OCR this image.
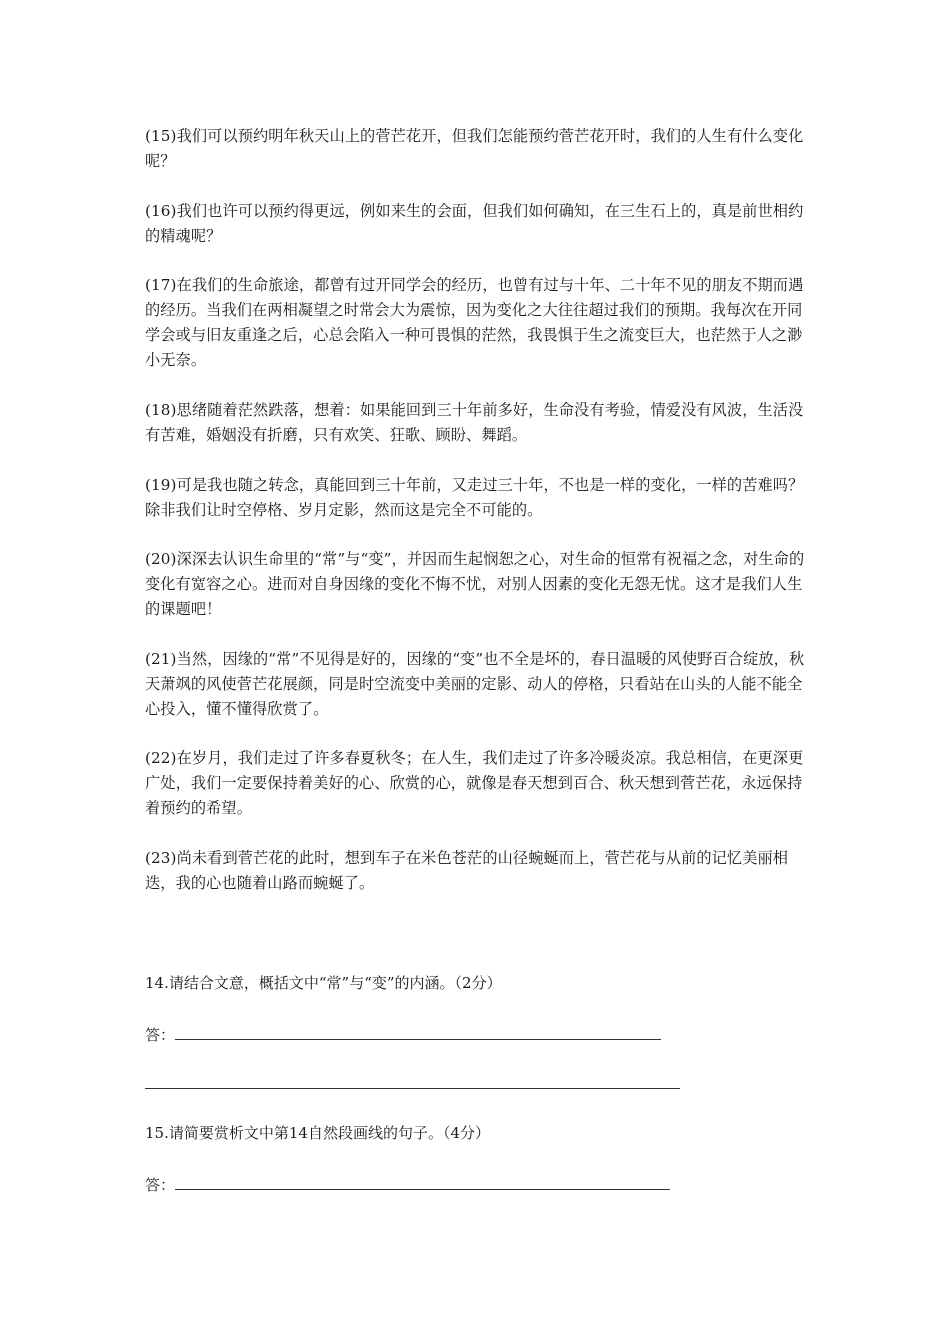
(15)我们可以预约明年秋天山上的菅芒花开，但我们怎能预约菅芒花开时，我们的人生有什么变化呢？

(16)我们也许可以预约得更远，例如来生的会面，但我们如何确知，在三生石上的，真是前世相约的精魂呢？

(17)在我们的生命旅途，都曾有过开同学会的经历，也曾有过与十年、二十年不见的朋友不期而遇的经历。当我们在两相凝望之时常会大为震惊，因为变化之大往往超过我们的预期。我每次在开同学会或与旧友重逢之后，心总会陷入一种可畏惧的茫然，我畏惧于生之流变巨大，也茫然于人之渺小无奈。

(18)思绪随着茫然跌落，想着：如果能回到三十年前多好，生命没有考验，情爱没有风波，生活没有苦难，婚姻没有折磨，只有欢笑、狂歌、顾盼、舞蹈。

(19)可是我也随之转念，真能回到三十年前，又走过三十年，不也是一样的变化，一样的苦难吗？除非我们让时空停格、岁月定影，然而这是完全不可能的。

(20)深深去认识生命里的“常”与“变”，并因而生起悯恕之心，对生命的恒常有祝福之念，对生命的变化有宽容之心。进而对自身因缘的变化不悔不忧，对别人因素的变化无怨无忧。这才是我们人生的课题吧！

(21)当然，因缘的“常”不见得是好的，因缘的“变”也不全是坏的，春日温暖的风使野百合绽放，秋天萧飒的风使菅芒花展颜，同是时空流变中美丽的定影、动人的停格，只看站在山头的人能不能全心投入，懂不懂得欣赏了。

(22)在岁月，我们走过了许多春夏秋冬；在人生，我们走过了许多冷暖炎凉。我总相信，在更深更广处，我们一定要保持着美好的心、欣赏的心，就像是春天想到百合、秋天想到菅芒花，永远保持着预约的希望。

(23)尚未看到菅芒花的此时，想到车子在米色苍茫的山径蜿蜒而上，菅芒花与从前的记忆美丽相迭，我的心也随着山路而蜿蜒了。

14.请结合文意，概括文中“常”与“变”的内涵。（2分）

答：

15.请简要赏析文中第14自然段画线的句子。（4分）

答：
